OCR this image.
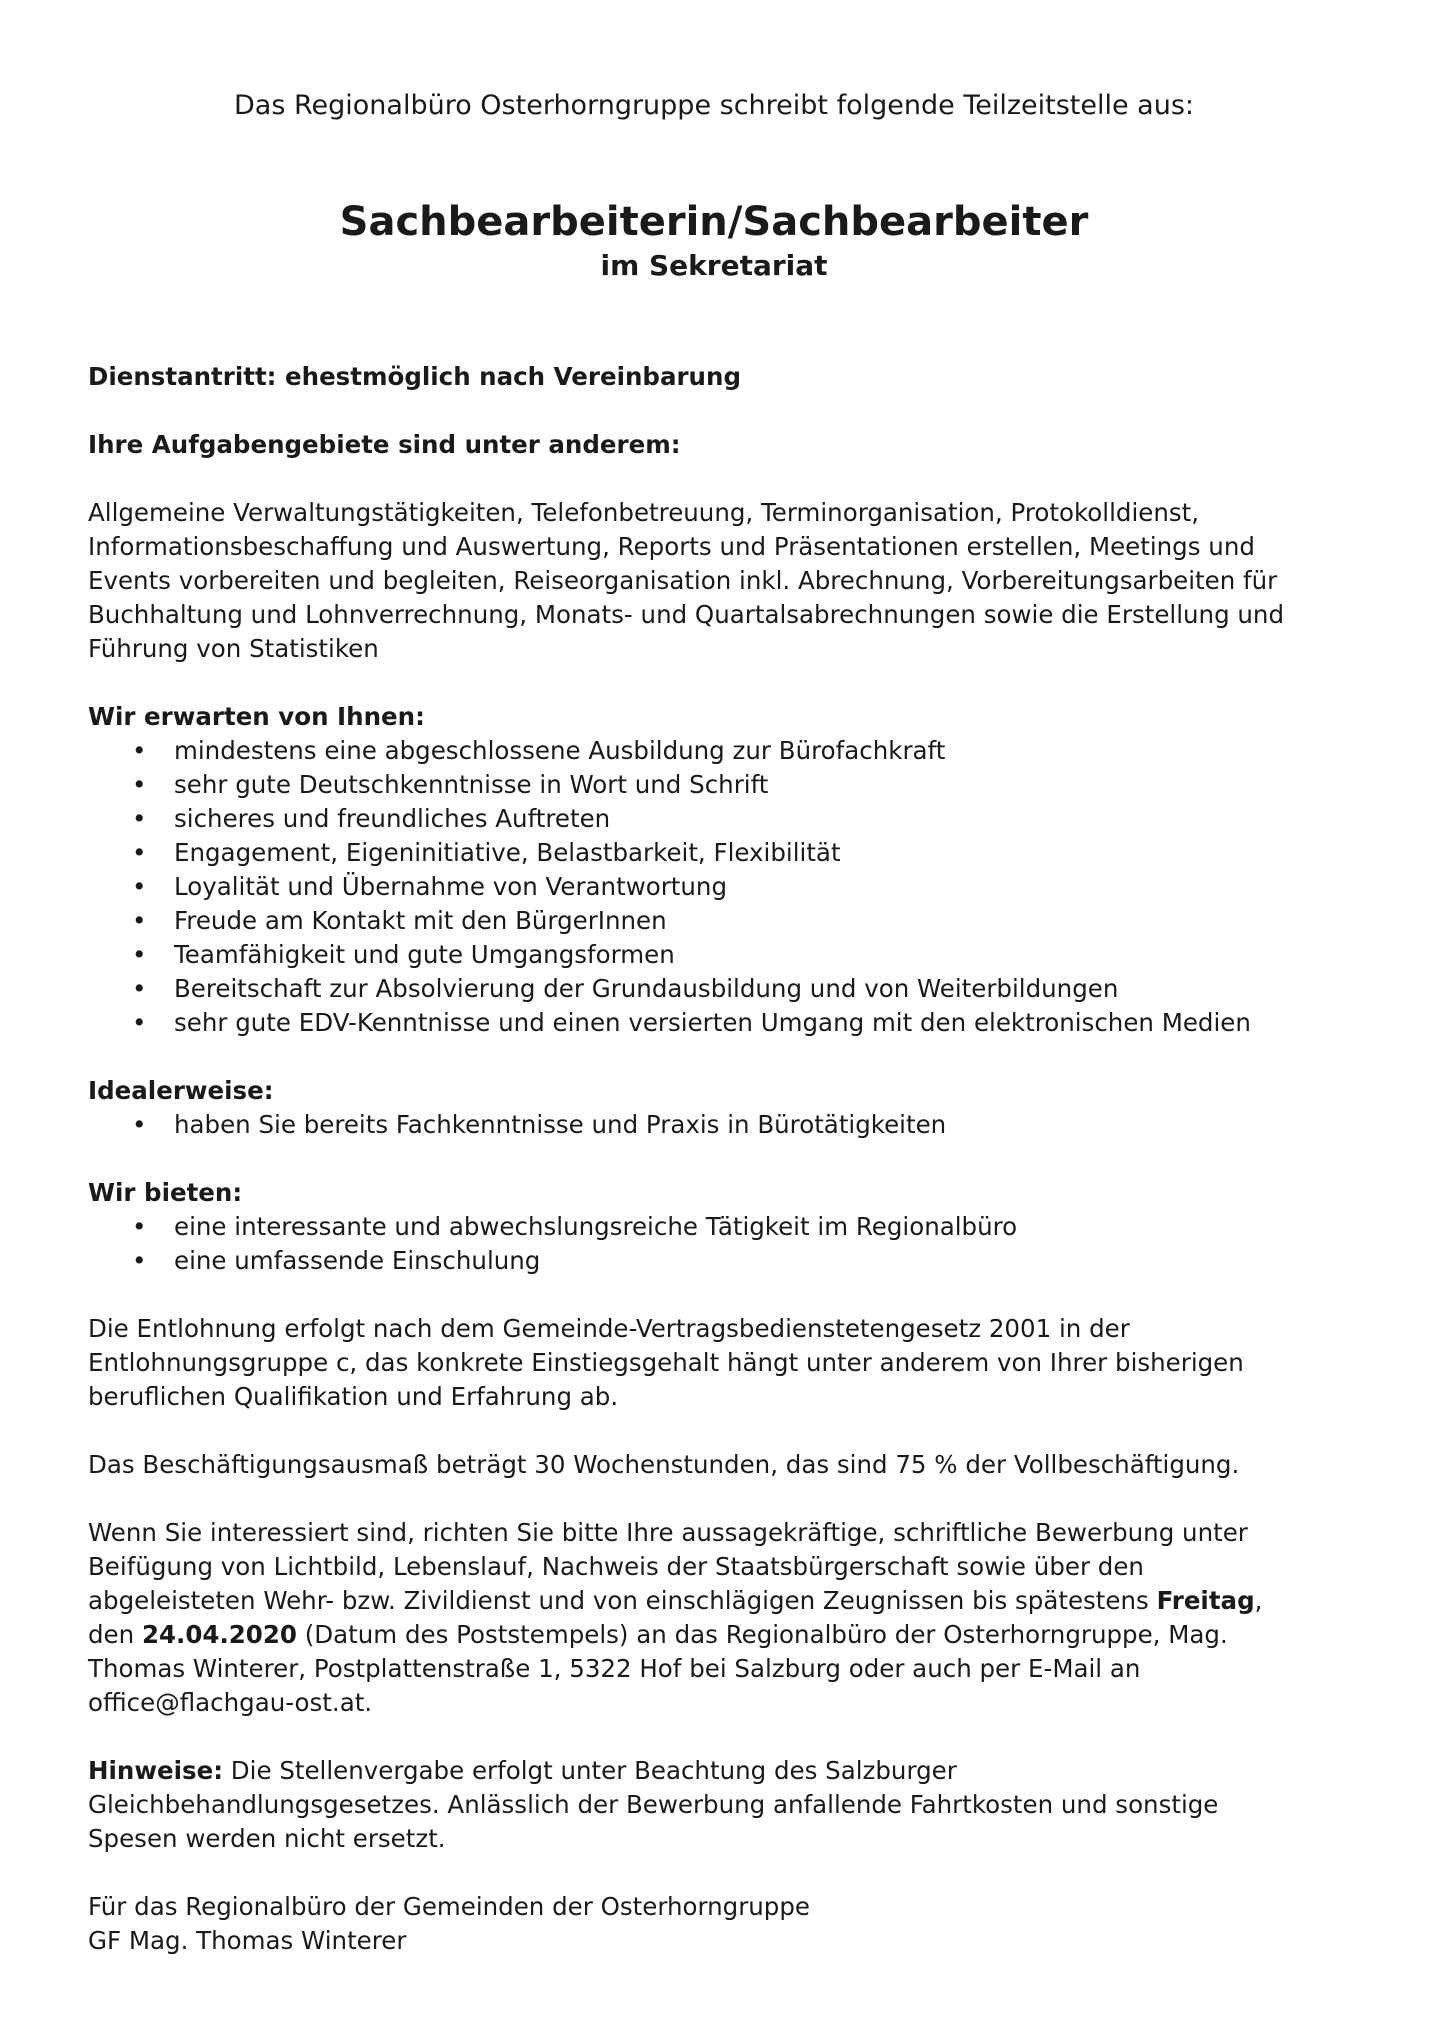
Das Regionalbüro Osterhorngruppe schreibt folgende Teilzeitstelle aus:

Sachbearbeiterin/Sachbearbeiter

im Sekretariat

Dienstantritt: ehestmöglich nach Vereinbarung

Ihre Aufgabengebiete sind unter anderem:

Allgemeine Verwaltungstätigkeiten, Telefonbetreuung, Terminorganisation, Protokolldienst,

Informationsbeschaffung und Auswertung, Reports und Präsentationen erstellen, Meetings und

Events vorbereiten und begleiten, Reiseorganisation inkl. Abrechnung, Vorbereitungsarbeiten für

Buchhaltung und Lohnverrechnung, Monats- und Quartalsabrechnungen sowie die Erstellung und

Führung von Statistiken

Wir erwarten von Ihnen:

• mindestens eine abgeschlossene Ausbildung zur Bürofachkraft
• sehr gute Deutschkenntnisse in Wort und Schrift
• sicheres und freundliches Auftreten
• Engagement, Eigeninitiative, Belastbarkeit, Flexibilität
• Loyalität und Übernahme von Verantwortung
• Freude am Kontakt mit den BürgerInnen
• Teamfähigkeit und gute Umgangsformen
• Bereitschaft zur Absolvierung der Grundausbildung und von Weiterbildungen
• sehr gute EDV-Kenntnisse und einen versierten Umgang mit den elektronischen Medien

Idealerweise:

• haben Sie bereits Fachkenntnisse und Praxis in Bürotätigkeiten

Wir bieten:

• eine interessante und abwechslungsreiche Tätigkeit im Regionalbüro
• eine umfassende Einschulung

Die Entlohnung erfolgt nach dem Gemeinde-Vertragsbedienstetengesetz 2001 in der

Entlohnungsgruppe c, das konkrete Einstiegsgehalt hängt unter anderem von Ihrer bisherigen

beruflichen Qualifikation und Erfahrung ab.

Das Beschäftigungsausmaß beträgt 30 Wochenstunden, das sind 75 % der Vollbeschäftigung.

Wenn Sie interessiert sind, richten Sie bitte Ihre aussagekräftige, schriftliche Bewerbung unter

Beifügung von Lichtbild, Lebenslauf, Nachweis der Staatsbürgerschaft sowie über den

abgeleisteten Wehr- bzw. Zivildienst und von einschlägigen Zeugnissen bis spätestens Freitag,

den 24.04.2020 (Datum des Poststempels) an das Regionalbüro der Osterhorngruppe, Mag.

Thomas Winterer, Postplattenstraße 1, 5322 Hof bei Salzburg oder auch per E-Mail an

office@flachgau-ost.at.

Hinweise: Die Stellenvergabe erfolgt unter Beachtung des Salzburger

Gleichbehandlungsgesetzes. Anlässlich der Bewerbung anfallende Fahrtkosten und sonstige

Spesen werden nicht ersetzt.

Für das Regionalbüro der Gemeinden der Osterhorngruppe

GF Mag. Thomas Winterer
